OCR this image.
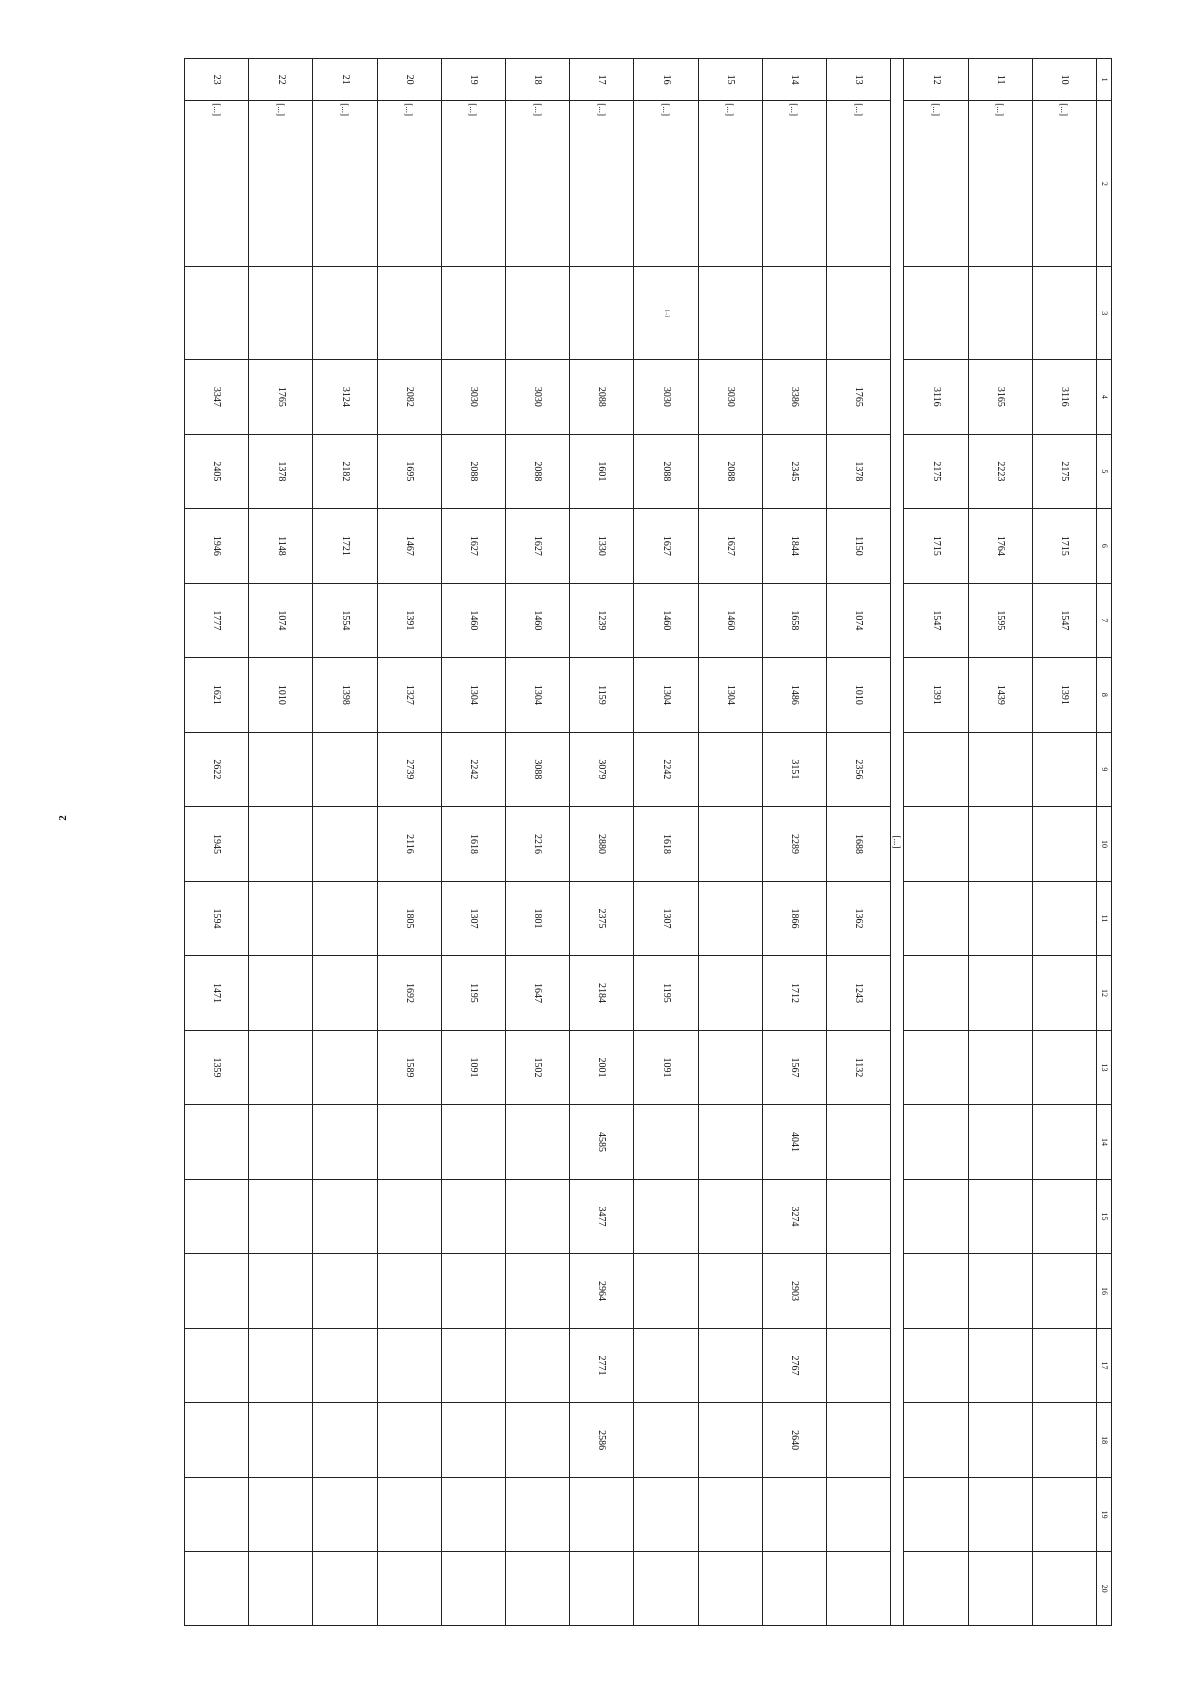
2
1	2	3	4	5	6	7	8	9	10	11	12	13	14	15	16	17	18	19	20
10	[...]		3116	2175	1715	1547	1391												
11	[...]		3165	2223	1764	1595	1439												
12	[...]		3116	2175	1715	1547	1391												
[...]																			
13	[...]		1765	1378	1150	1074	1010	2356	1688	1362	1243	1132							
14	[...]		3386	2345	1844	1658	1486	3151	2289	1866	1712	1567	4041	3274	2903	2767	2640		
15	[...]		3030	2088	1627	1460	1304												
16	[...]	[...]	3030	2088	1627	1460	1304	2242	1618	1307	1195	1091							
17	[...]		2088	1601	1330	1239	1159	3079	2880	2375	2184	2001	4585	3477	2964	2771	2586		
18	[...]		3030	2088	1627	1460	1304	3088	2216	1801	1647	1502							
19	[...]		3030	2088	1627	1460	1304	2242	1618	1307	1195	1091							
20	[...]		2082	1695	1467	1391	1327	2739	2116	1805	1692	1589							
21	[...]		3124	2182	1721	1554	1398												
22	[...]		1765	1378	1148	1074	1010												
23	[...]		3347	2405	1946	1777	1621	2622	1945	1594	1471	1359							
